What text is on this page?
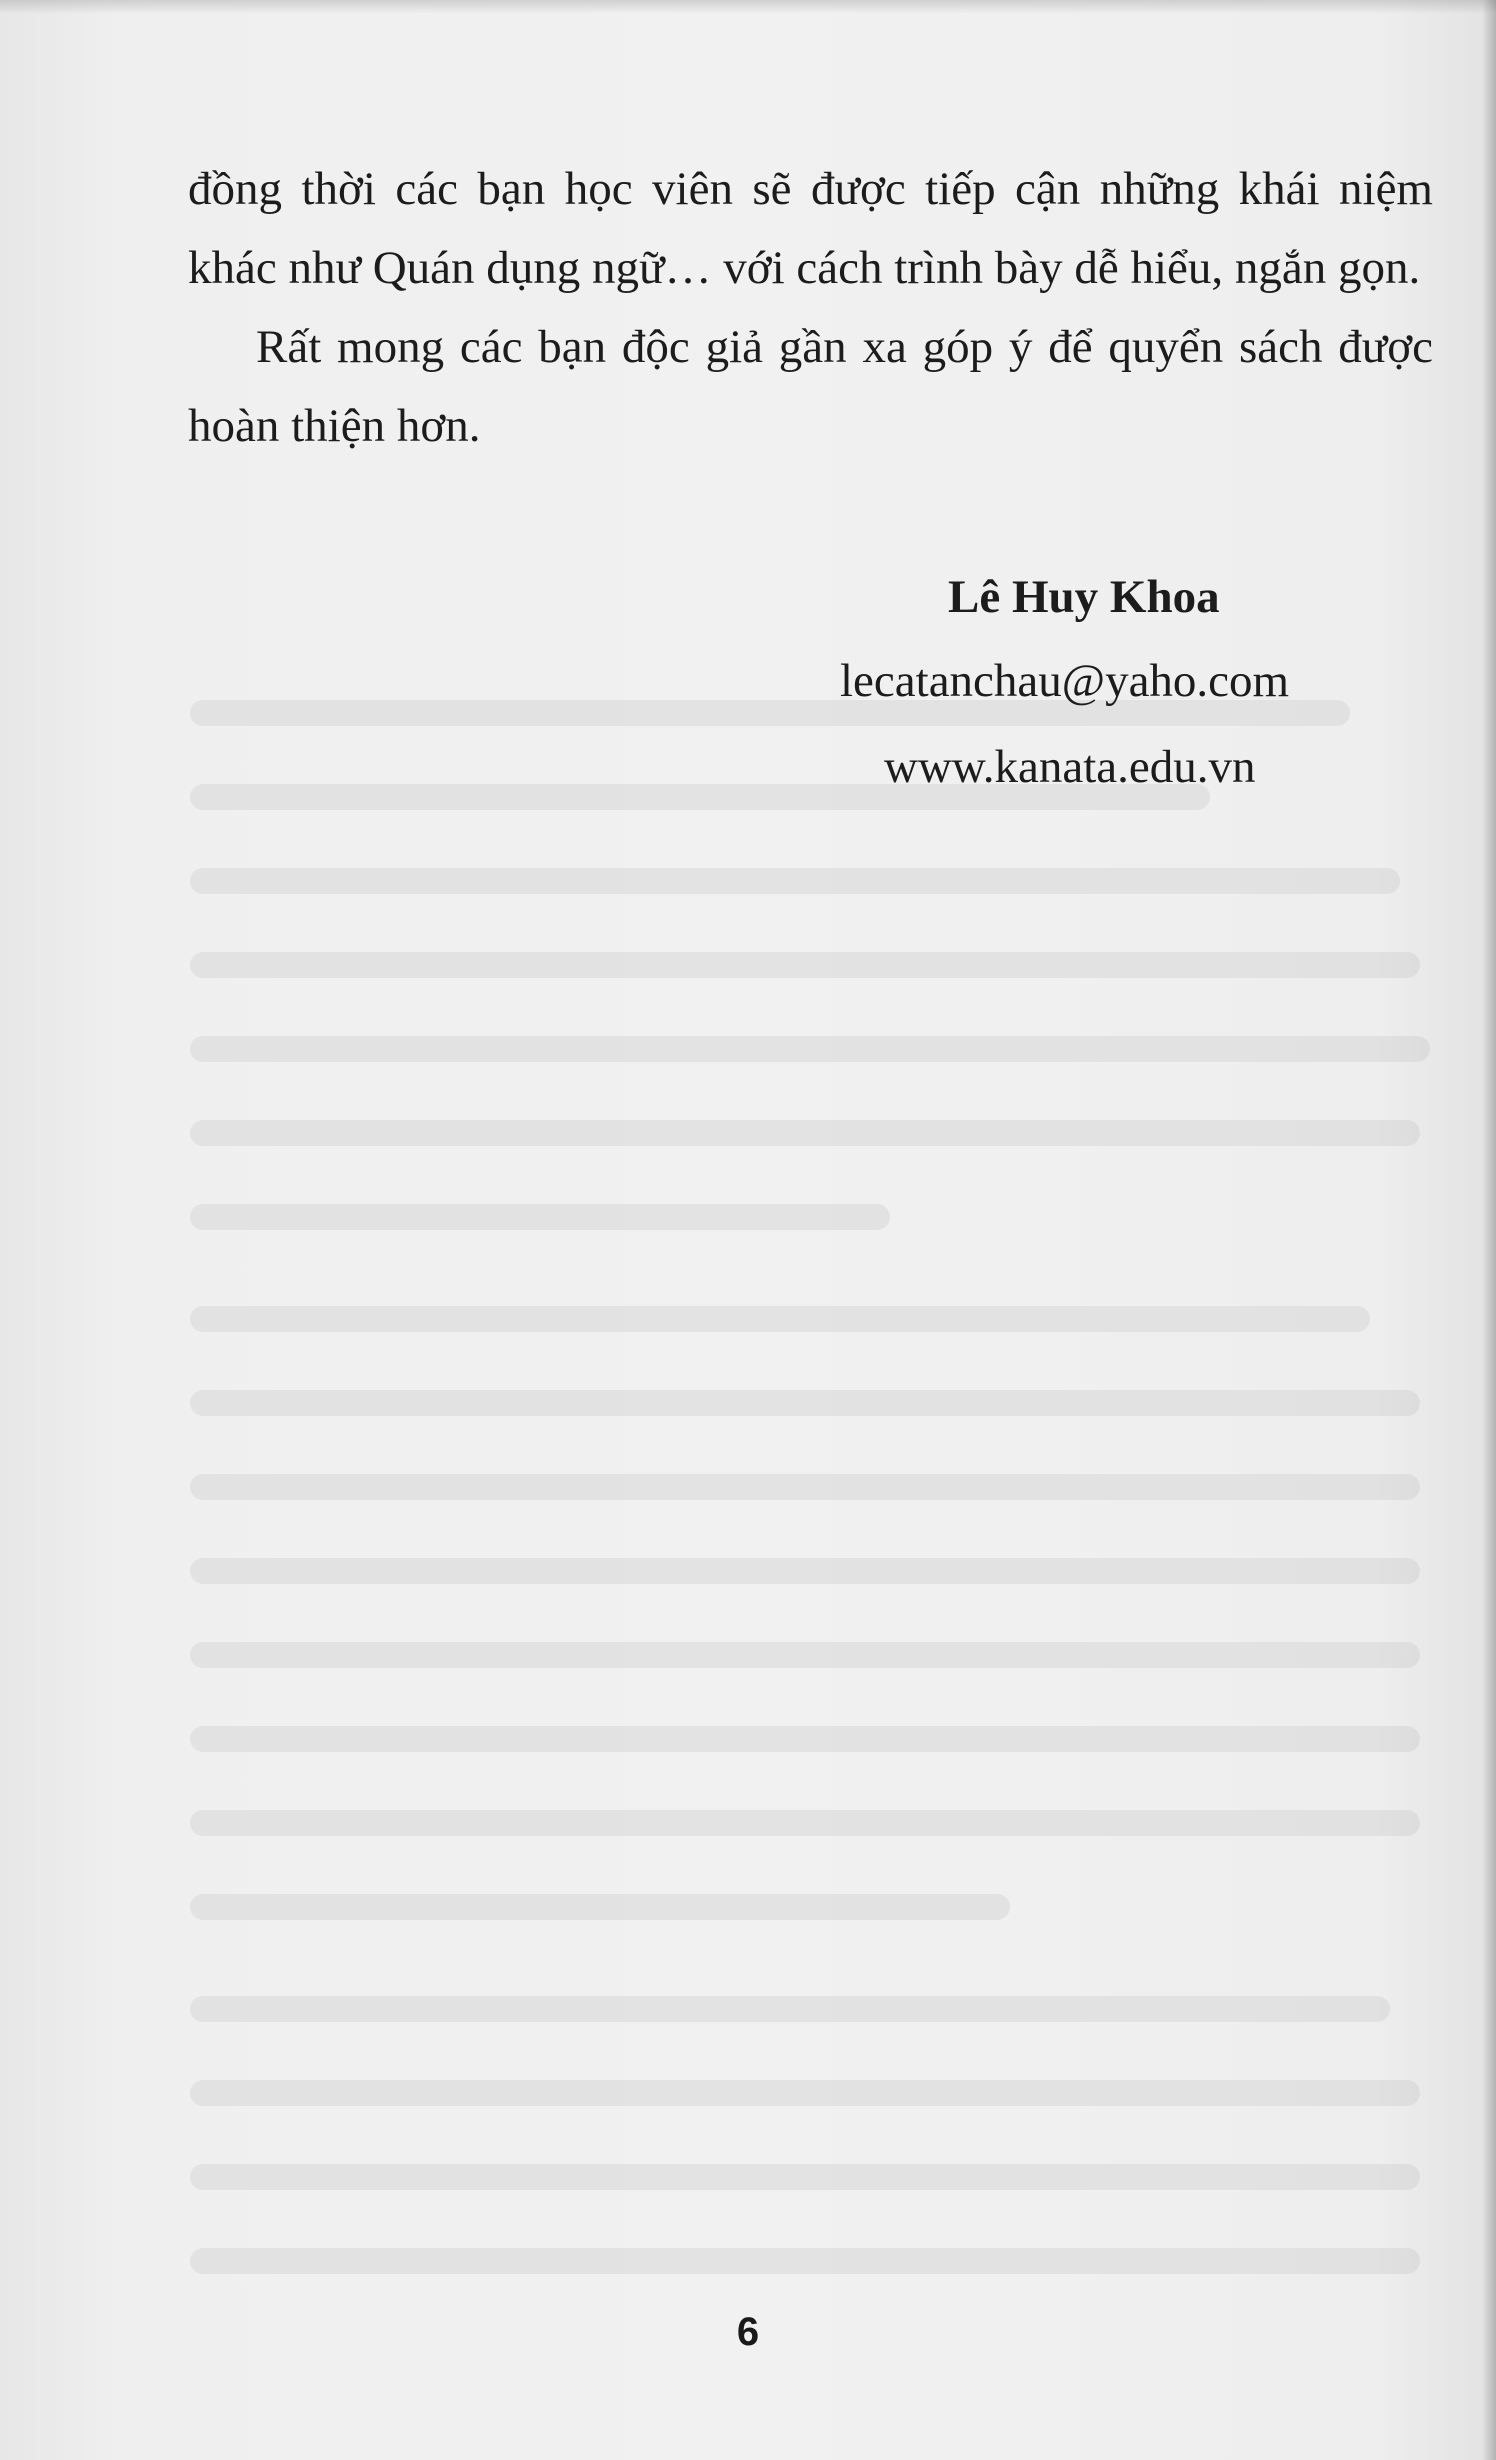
đồng thời các bạn học viên sẽ được tiếp cận những khái niệm khác như Quán dụng ngữ… với cách trình bày dễ hiểu, ngắn gọn.

Rất mong các bạn độc giả gần xa góp ý để quyển sách được hoàn thiện hơn.

Lê Huy Khoa
lecatanchau@yaho.com
www.kanata.edu.vn
6
